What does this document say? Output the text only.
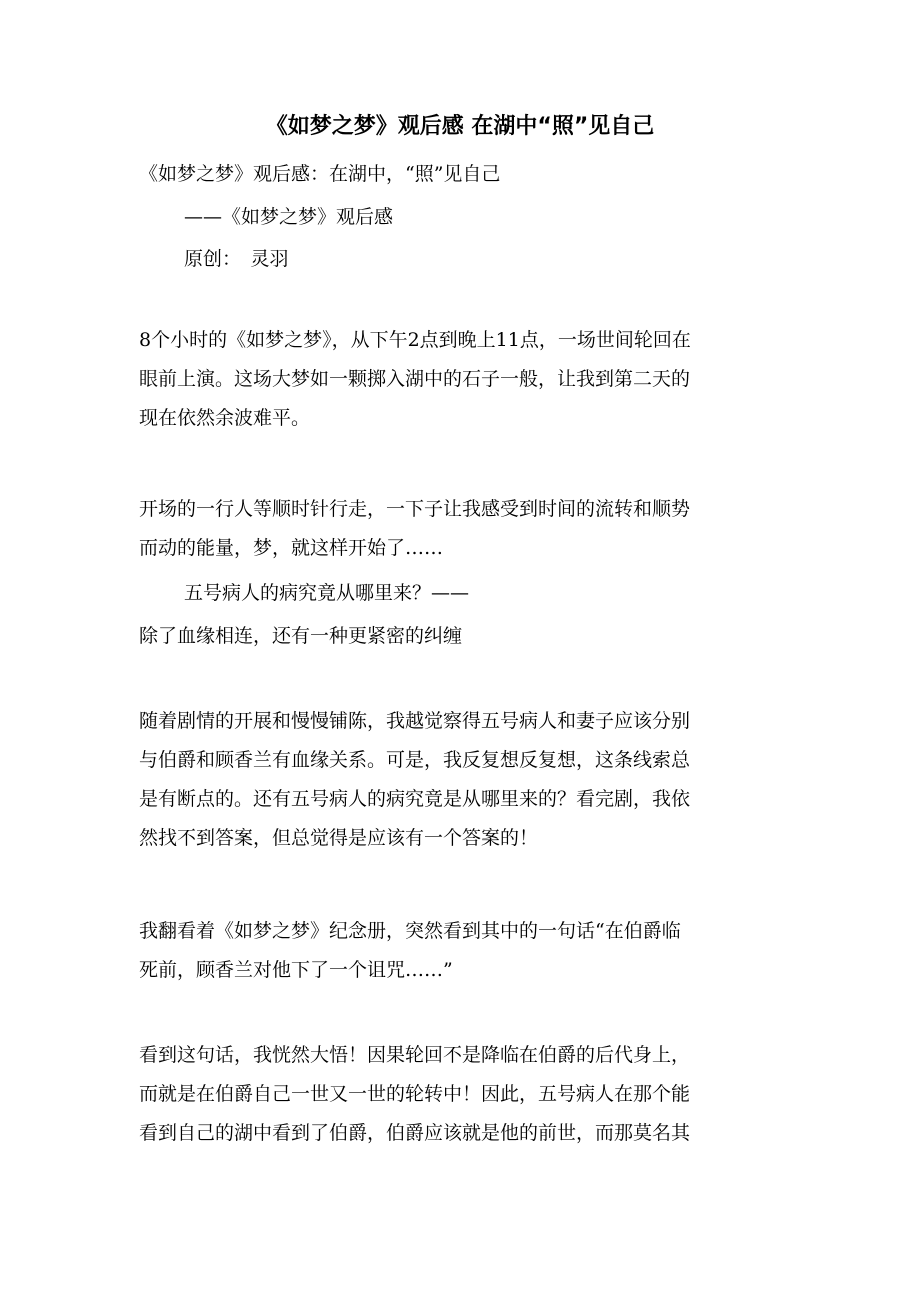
《如梦之梦》观后感 在湖中“照”见自己
《如梦之梦》观后感：在湖中，“照”见自己
——《如梦之梦》观后感
原创：　灵羽
8个小时的《如梦之梦》，从下午2点到晚上11点，一场世间轮回在
眼前上演。这场大梦如一颗掷入湖中的石子一般，让我到第二天的
现在依然余波难平。
开场的一行人等顺时针行走，一下子让我感受到时间的流转和顺势
而动的能量，梦，就这样开始了……
五号病人的病究竟从哪里来？——
除了血缘相连，还有一种更紧密的纠缠
随着剧情的开展和慢慢铺陈，我越觉察得五号病人和妻子应该分别
与伯爵和顾香兰有血缘关系。可是，我反复想反复想，这条线索总
是有断点的。还有五号病人的病究竟是从哪里来的？看完剧，我依
然找不到答案，但总觉得是应该有一个答案的！
我翻看着《如梦之梦》纪念册，突然看到其中的一句话“在伯爵临
死前，顾香兰对他下了一个诅咒……”
看到这句话，我恍然大悟！因果轮回不是降临在伯爵的后代身上，
而就是在伯爵自己一世又一世的轮转中！因此，五号病人在那个能
看到自己的湖中看到了伯爵，伯爵应该就是他的前世，而那莫名其
